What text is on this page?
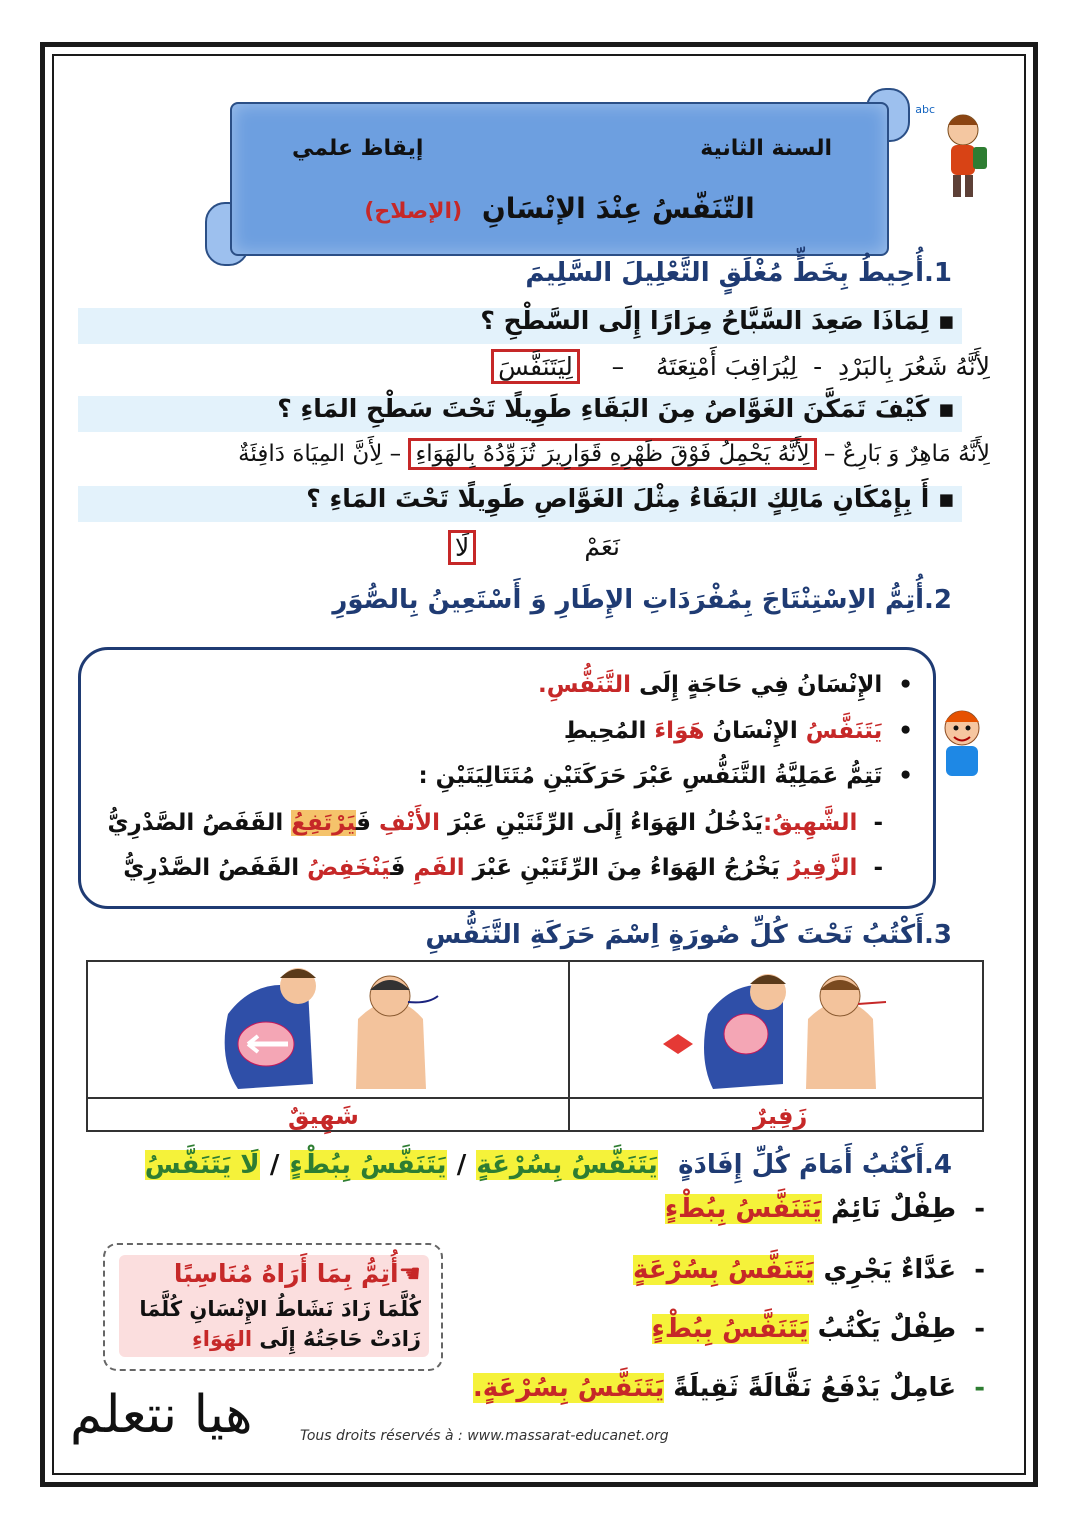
السنة الثانية
إيقاظ علمي
التّنَفّسُ عِنْدَ الإنْسَانِ (الإصلاح)
abc
1.أُحِيطُ بِخَطٍّ مُغْلَقٍ التَّعْلِيلَ السَّلِيمَ
▪ لِمَاذَا صَعِدَ السَّبَّاحُ مِرَارًا إِلَى السَّطْحِ ؟
لِأَنَّهُ شَعُرَ بِالبَرْدِ  -  لِيُرَاقِبَ أَمْتِعَتَهُ    –    لِيَتَنَفَّسَ
▪ كَيْفَ تَمَكَّنَ الغَوَّاصُ مِنَ البَقَاءِ طَوِيلًا تَحْتَ سَطْحِ المَاءِ ؟
لِأَنَّهُ مَاهِرٌ وَ بَارِعٌ – لِأَنَّهُ يَحْمِلُ فَوْقَ ظَهْرِهِ قَوَارِيرَ تُزَوِّدُهُ بِالهَوَاءِ – لِأَنَّ المِيَاهَ دَافِئَةٌ
▪ أَ بِإِمْكَانِ مَالِكٍ البَقَاءُ مِثْلَ الغَوَّاصِ طَوِيلًا تَحْتَ المَاءِ ؟
نَعَمْ
لَا
2.أُتِمُّ الاِسْتِنْتَاجَ بِمُفْرَدَاتِ الإِطَارِ وَ أَسْتَعِينُ بِالصُّوَرِ
•  الإِنْسَانُ فِي حَاجَةٍ إِلَى التَّنَفُّسِ.
•  يَتَنَفَّسُ الإِنْسَانُ هَوَاءَ المُحِيطِ
•  تَتِمُّ عَمَلِيَّةُ التَّنَفُّسِ عَبْرَ حَرَكَتَيْنِ مُتَتَالِيَتَيْنِ :
-  الشَّهِيقُ:يَدْخُلُ الهَوَاءُ إِلَى الرِّئَتَيْنِ عَبْرَ الأَنْفِ فَيَرْتَفِعُ القَفَصُ الصَّدْرِيُّ
-  الزَّفِيرُ يَخْرُجُ الهَوَاءُ مِنَ الرِّئَتَيْنِ عَبْرَ الفَمِ فَيَنْخَفِضُ القَفَصُ الصَّدْرِيُّ
3.أَكْتُبُ تَحْتَ كُلِّ صُورَةٍ اِسْمَ حَرَكَةِ التَّنَفُّسِ
شَهِيقٌ	زَفِيرٌ
4.أَكْتُبُ أَمَامَ كُلِّ إِفَادَةٍ    يَتَنَفَّسُ بِسُرْعَةٍ  /  يَتَنَفَّسُ بِبُطْءٍ  /  لَا يَتَنَفَّسُ
-  طِفْلٌ نَائِمٌ يَتَنَفَّسُ بِبُطْءٍ
-  عَدَّاءٌ يَجْرِي يَتَنَفَّسُ بِسُرْعَةٍ
-  طِفْلٌ يَكْتُبُ يَتَنَفَّسُ بِبُطْءٍ
-  عَامِلٌ يَدْفَعُ نَقَّالَةً ثَقِيلَةً يَتَنَفَّسُ بِسُرْعَةٍ.
☚أُتِمُّ بِمَا أَرَاهُ مُنَاسِبًا
كُلَّمَا زَادَ نَشَاطُ الإِنْسَانِ كُلَّمَا
زَادَتْ حَاجَتُهُ إِلَى الهَوَاءِ
هيا نتعلم	Tous droits réservés à : www.massarat-educanet.org
